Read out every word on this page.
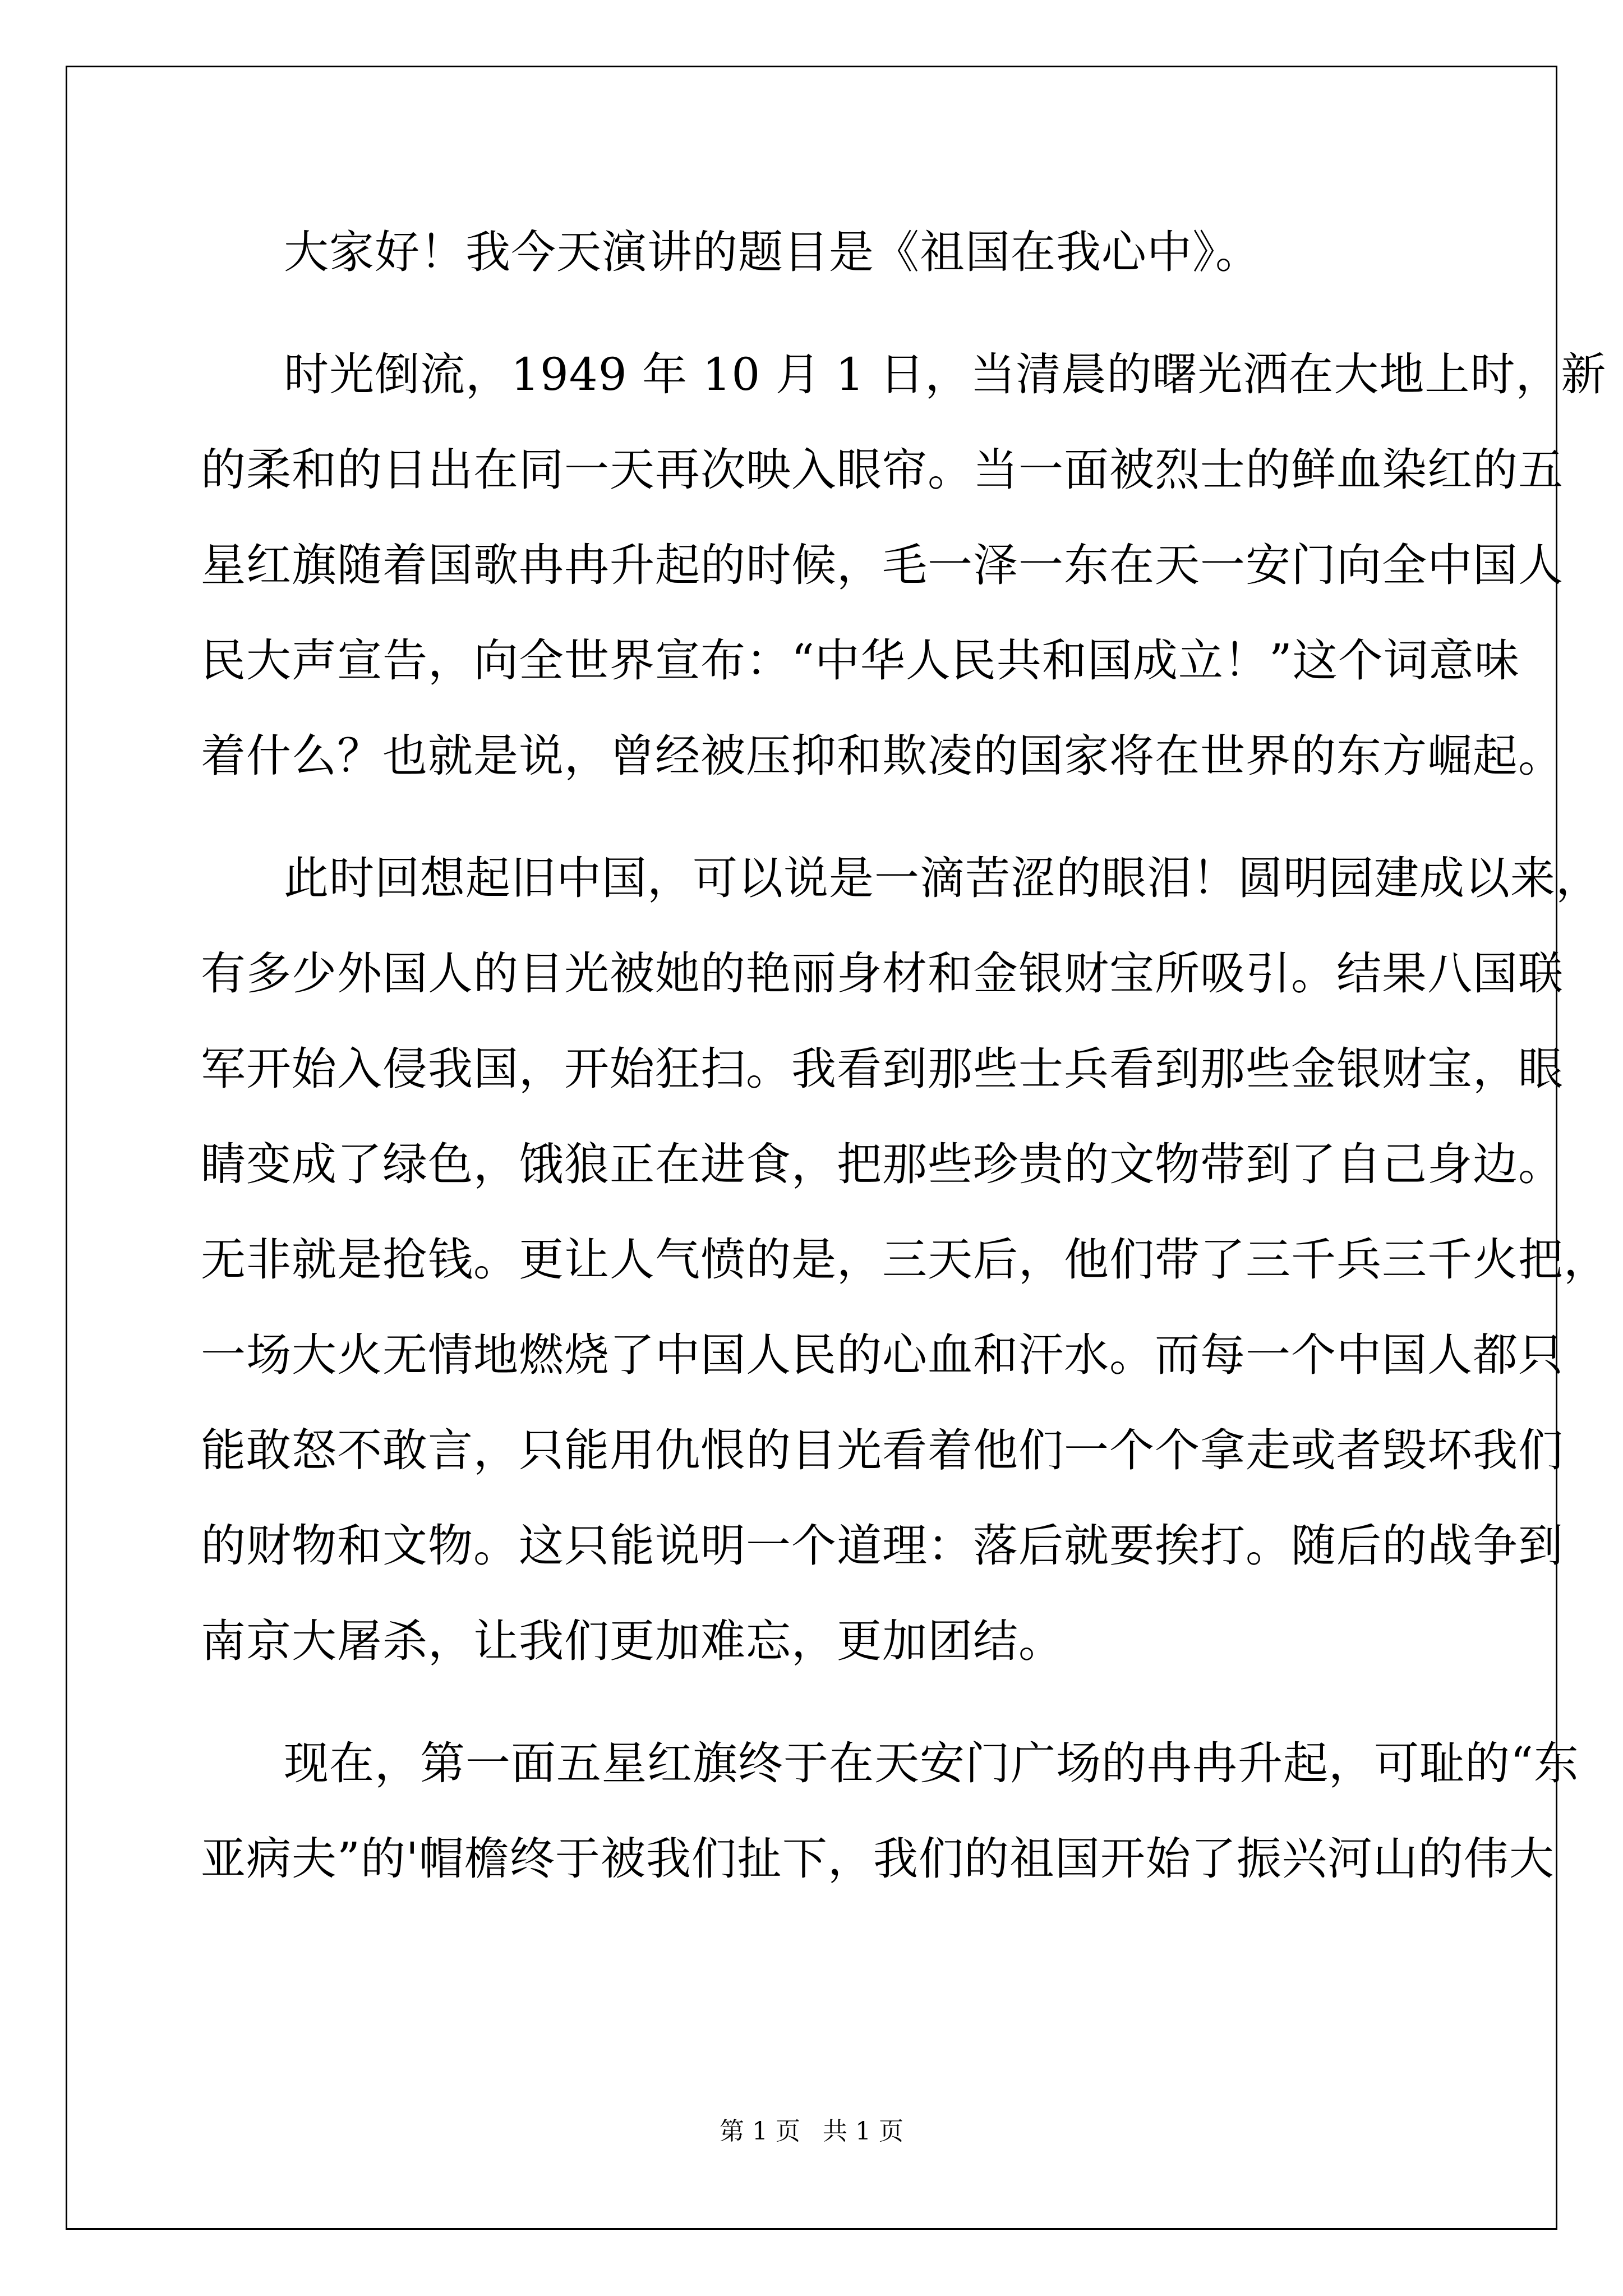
大家好！我今天演讲的题目是《祖国在我心中》。
时光倒流，1949 年 10 月 1 日，当清晨的曙光洒在大地上时，新
的柔和的日出在同一天再次映入眼帘。当一面被烈士的鲜血染红的五
星红旗随着国歌冉冉升起的时候，毛一泽一东在天一安门向全中国人
民大声宣告，向全世界宣布：“中华人民共和国成立！”这个词意味
着什么？也就是说，曾经被压抑和欺凌的国家将在世界的东方崛起。
此时回想起旧中国，可以说是一滴苦涩的眼泪！圆明园建成以来，
有多少外国人的目光被她的艳丽身材和金银财宝所吸引。结果八国联
军开始入侵我国，开始狂扫。我看到那些士兵看到那些金银财宝，眼
睛变成了绿色，饿狼正在进食，把那些珍贵的文物带到了自己身边。
无非就是抢钱。更让人气愤的是，三天后，他们带了三千兵三千火把，
一场大火无情地燃烧了中国人民的心血和汗水。而每一个中国人都只
能敢怒不敢言，只能用仇恨的目光看着他们一个个拿走或者毁坏我们
的财物和文物。这只能说明一个道理：落后就要挨打。随后的战争到
南京大屠杀，让我们更加难忘，更加团结。
现在，第一面五星红旗终于在天安门广场的冉冉升起，可耻的“东
亚病夫”的'帽檐终于被我们扯下，我们的祖国开始了振兴河山的伟大
第 1 页 共 1 页
